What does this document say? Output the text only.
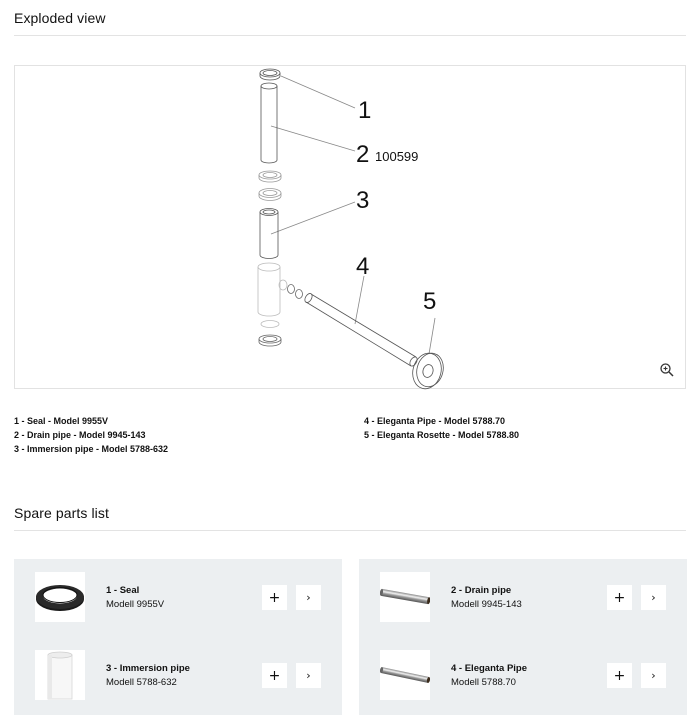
Exploded view
1
2 100599
3
4
5
1 - Seal - Model 9955V
2 - Drain pipe - Model 9945-143
3 - Immersion pipe - Model 5788-632
4 - Eleganta Pipe - Model 5788.70
5 - Eleganta Rosette - Model 5788.80
Spare parts list
1 - Seal
Modell 9955V	+	›
2 - Drain pipe
Modell 9945-143	+	›
3 - Immersion pipe
Modell 5788-632	+	›
4 - Eleganta Pipe
Modell 5788.70	+	›
